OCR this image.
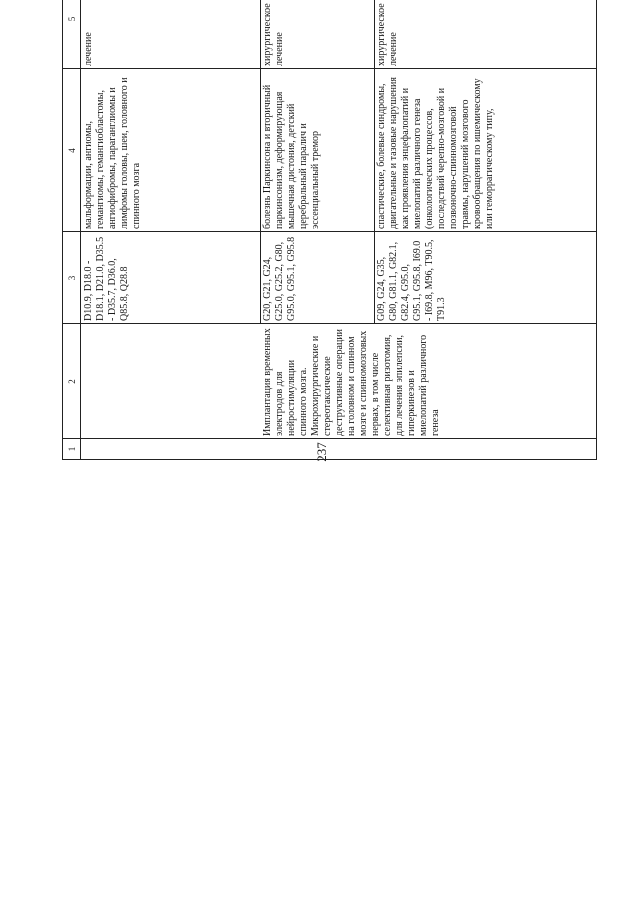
237
1
2
3
4
5
D10.9, D18.0 - D18.1, D21.0, D35.5 - D35.7, D36.0, Q85.8, Q28.8
мальформации, ангиомы, гемангиомы, гемангиобластомы, ангиофибромы, параганглиомы и лимфомы головы, шеи, головного и спинного мозга
лечение
Имплантация временных электродов для нейростимуляции спинного мозга. Микрохирургические и стереотаксические деструктивные операции на головном и спинном мозге и спинномозговых нервах, в том числе селективная ризотомия, для лечения эпилепсии, гиперкинезов и миелопатий различного генеза
G20, G21, G24, G25.0, G25.2, G80, G95.0, G95.1, G95.8
болезнь Паркинсона и вторичный паркинсонизм, деформирующая мышечная дистония, детский церебральный паралич и эссенциальный тремор
хирургическое лечение
G09, G24, G35, G80, G81.1, G82.1, G82.4, G95.0, G95.1, G95.8, I69.0 - I69.8, M96, T90.5, T91.3
спастические, болевые синдромы, двигательные и тазовые нарушения как проявления энцефалопатий и миелопатий различного генеза (онкологических процессов, последствий черепно-мозговой и позвоночно-спинномозговой травмы, нарушений мозгового кровообращения по ишемическому или геморрагическому типу,
хирургическое лечение
